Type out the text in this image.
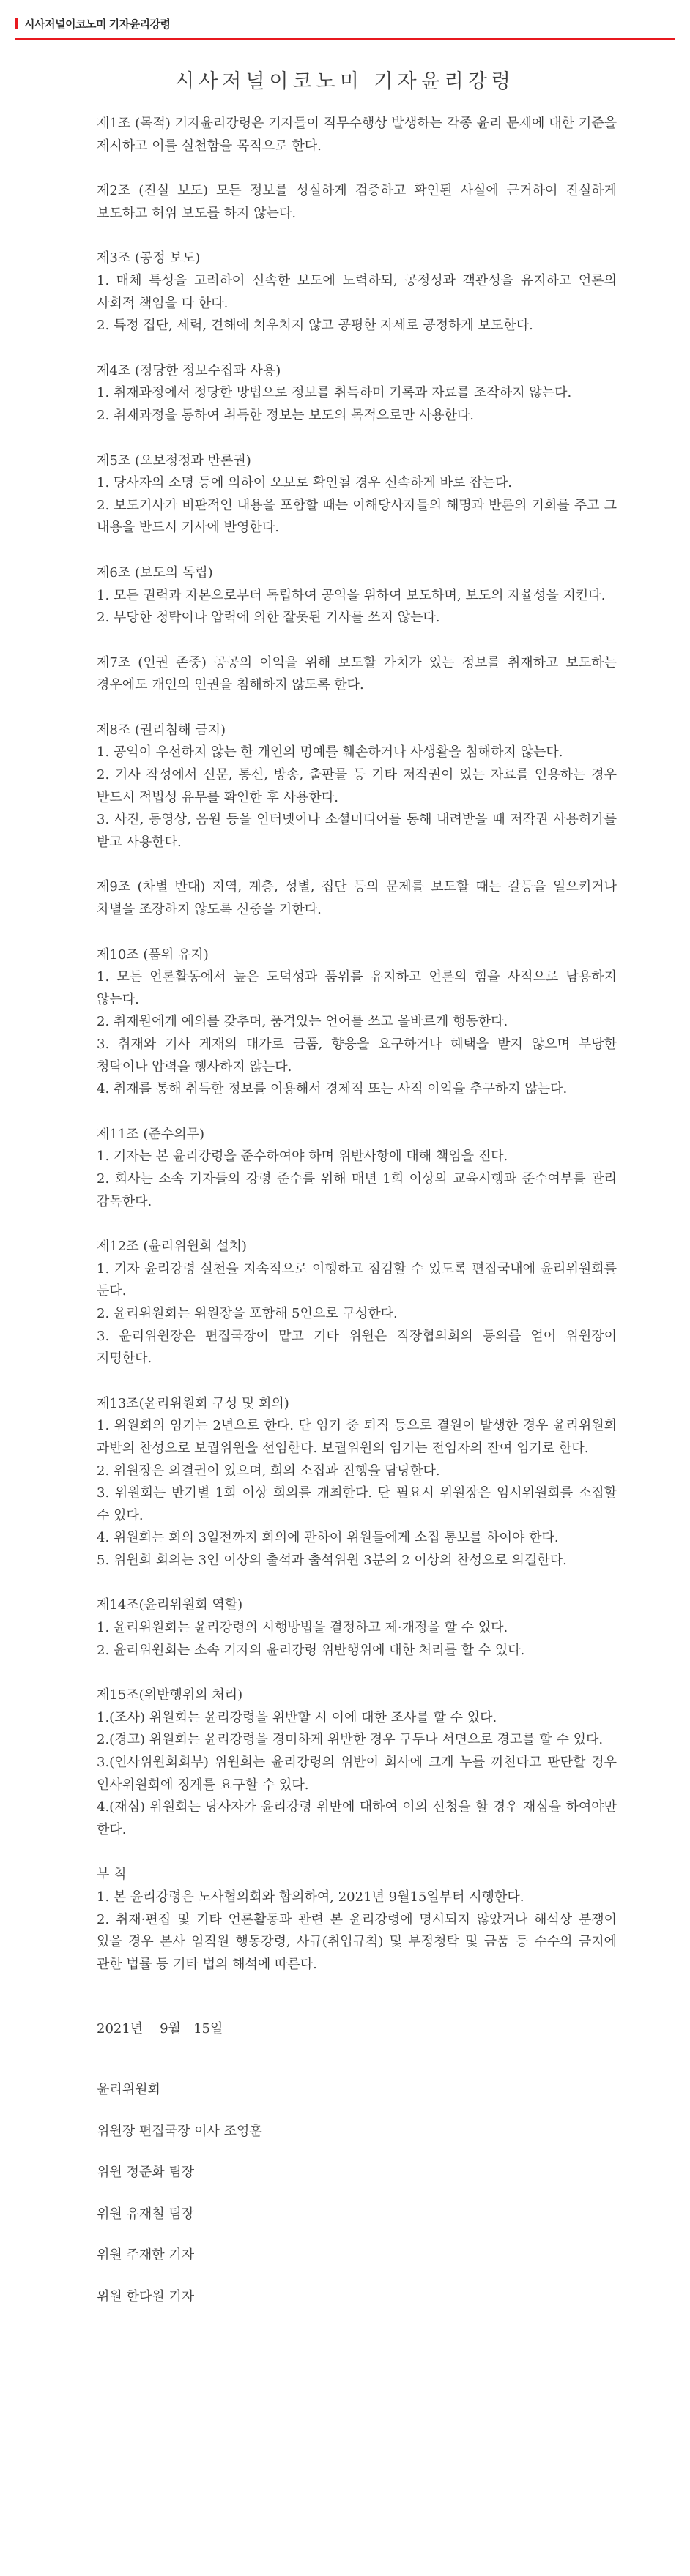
시사저널이코노미 기자윤리강령
시사저널이코노미 기자윤리강령

제1조 (목적) 기자윤리강령은 기자들이 직무수행상 발생하는 각종 윤리 문제에 대한 기준을 제시하고 이를 실천함을 목적으로 한다.

제2조 (진실 보도) 모든 정보를 성실하게 검증하고 확인된 사실에 근거하여 진실하게 보도하고 허위 보도를 하지 않는다.

제3조 (공정 보도)

1. 매체 특성을 고려하여 신속한 보도에 노력하되, 공정성과 객관성을 유지하고 언론의 사회적 책임을 다 한다.

2. 특정 집단, 세력, 견해에 치우치지 않고 공평한 자세로 공정하게 보도한다.

제4조 (정당한 정보수집과 사용)

1. 취재과정에서 정당한 방법으로 정보를 취득하며 기록과 자료를 조작하지 않는다.

2. 취재과정을 통하여 취득한 정보는 보도의 목적으로만 사용한다.

제5조 (오보정정과 반론권)

1. 당사자의 소명 등에 의하여 오보로 확인될 경우 신속하게 바로 잡는다.

2. 보도기사가 비판적인 내용을 포함할 때는 이해당사자들의 해명과 반론의 기회를 주고 그 내용을 반드시 기사에 반영한다.

제6조 (보도의 독립)

1. 모든 권력과 자본으로부터 독립하여 공익을 위하여 보도하며, 보도의 자율성을 지킨다.

2. 부당한 청탁이나 압력에 의한 잘못된 기사를 쓰지 않는다.

제7조 (인권 존중) 공공의 이익을 위해 보도할 가치가 있는 정보를 취재하고 보도하는 경우에도 개인의 인권을 침해하지 않도록 한다.

제8조 (권리침해 금지)

1. 공익이 우선하지 않는 한 개인의 명예를 훼손하거나 사생활을 침해하지 않는다.

2. 기사 작성에서 신문, 통신, 방송, 출판물 등 기타 저작권이 있는 자료를 인용하는 경우 반드시 적법성 유무를 확인한 후 사용한다.

3. 사진, 동영상, 음원 등을 인터넷이나 소셜미디어를 통해 내려받을 때 저작권 사용허가를 받고 사용한다.

제9조 (차별 반대) 지역, 계층, 성별, 집단 등의 문제를 보도할 때는 갈등을 일으키거나 차별을 조장하지 않도록 신중을 기한다.

제10조 (품위 유지)

1. 모든 언론활동에서 높은 도덕성과 품위를 유지하고 언론의 힘을 사적으로 남용하지 않는다.

2. 취재원에게 예의를 갖추며, 품격있는 언어를 쓰고 올바르게 행동한다.

3. 취재와 기사 게재의 대가로 금품, 향응을 요구하거나 혜택을 받지 않으며 부당한 청탁이나 압력을 행사하지 않는다.

4. 취재를 통해 취득한 정보를 이용해서 경제적 또는 사적 이익을 추구하지 않는다.

제11조 (준수의무)

1. 기자는 본 윤리강령을 준수하여야 하며 위반사항에 대해 책임을 진다.

2. 회사는 소속 기자들의 강령 준수를 위해 매년 1회 이상의 교육시행과 준수여부를 관리 감독한다.

제12조 (윤리위원회 설치)

1. 기자 윤리강령 실천을 지속적으로 이행하고 점검할 수 있도록 편집국내에 윤리위원회를 둔다.

2. 윤리위원회는 위원장을 포함해 5인으로 구성한다.

3. 윤리위원장은 편집국장이 맡고 기타 위원은 직장협의회의 동의를 얻어 위원장이 지명한다.

제13조(윤리위원회 구성 및 회의)

1. 위원회의 임기는 2년으로 한다. 단 임기 중 퇴직 등으로 결원이 발생한 경우 윤리위원회 과반의 찬성으로 보궐위원을 선임한다. 보궐위원의 임기는 전임자의 잔여 임기로 한다.

2. 위원장은 의결권이 있으며, 회의 소집과 진행을 담당한다.

3. 위원회는 반기별 1회 이상 회의를 개최한다. 단 필요시 위원장은 임시위원회를 소집할 수 있다.

4. 위원회는 회의 3일전까지 회의에 관하여 위원들에게 소집 통보를 하여야 한다.

5. 위원회 회의는 3인 이상의 출석과 출석위원 3분의 2 이상의 찬성으로 의결한다.

제14조(윤리위원회 역할)

1. 윤리위원회는 윤리강령의 시행방법을 결정하고 제·개정을 할 수 있다.

2. 윤리위원회는 소속 기자의 윤리강령 위반행위에 대한 처리를 할 수 있다.

제15조(위반행위의 처리)

1.(조사) 위원회는 윤리강령을 위반할 시 이에 대한 조사를 할 수 있다.

2.(경고) 위원회는 윤리강령을 경미하게 위반한 경우 구두나 서면으로 경고를 할 수 있다.

3.(인사위원회회부) 위원회는 윤리강령의 위반이 회사에 크게 누를 끼친다고 판단할 경우 인사위원회에 징계를 요구할 수 있다.

4.(재심) 위원회는 당사자가 윤리강령 위반에 대하여 이의 신청을 할 경우 재심을 하여야만 한다.

부 칙

1. 본 윤리강령은 노사협의회와 합의하여, 2021년 9월15일부터 시행한다.

2. 취재·편집 및 기타 언론활동과 관련 본 윤리강령에 명시되지 않았거나 해석상 분쟁이 있을 경우 본사 임직원 행동강령, 사규(취업규칙) 및 부정청탁 및 금품 등 수수의 금지에 관한 법률 등 기타 법의 해석에 따른다.

2021년    9월   15일

윤리위원회

위원장 편집국장 이사 조영훈

위원 정준화 팀장

위원 유재철 팀장

위원 주재한 기자

위원 한다원 기자
